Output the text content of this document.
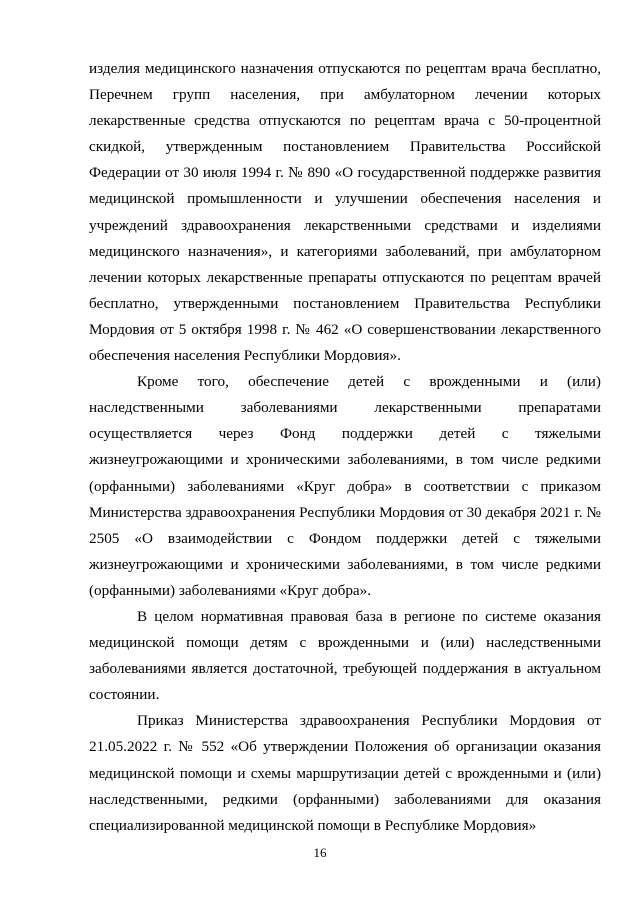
изделия медицинского назначения отпускаются по рецептам врача бесплатно, Перечнем групп населения, при амбулаторном лечении которых лекарственные средства отпускаются по рецептам врача с 50-процентной скидкой, утвержденным постановлением Правительства Российской Федерации от 30 июля 1994 г. № 890 «О государственной поддержке развития медицинской промышленности и улучшении обеспечения населения и учреждений здравоохранения лекарственными средствами и изделиями медицинского назначения», и категориями заболеваний, при амбулаторном лечении которых лекарственные препараты отпускаются по рецептам врачей бесплатно, утвержденными постановлением Правительства Республики Мордовия от 5 октября 1998 г. № 462 «О совершенствовании лекарственного обеспечения населения Республики Мордовия».

Кроме того, обеспечение детей с врожденными и (или) наследственными заболеваниями лекарственными препаратами осуществляется через Фонд поддержки детей с тяжелыми жизнеугрожающими и хроническими заболеваниями, в том числе редкими (орфанными) заболеваниями «Круг добра» в соответствии с приказом Министерства здравоохранения Республики Мордовия от 30 декабря 2021 г. № 2505 «О взаимодействии с Фондом поддержки детей с тяжелыми жизнеугрожающими и хроническими заболеваниями, в том числе редкими (орфанными) заболеваниями «Круг добра».

В целом нормативная правовая база в регионе по системе оказания медицинской помощи детям с врожденными и (или) наследственными заболеваниями является достаточной, требующей поддержания в актуальном состоянии.

Приказ Министерства здравоохранения Республики Мордовия от 21.05.2022 г. № 552 «Об утверждении Положения об организации оказания медицинской помощи и схемы маршрутизации детей с врожденными и (или) наследственными, редкими (орфанными) заболеваниями для оказания специализированной медицинской помощи в Республике Мордовия»

16
